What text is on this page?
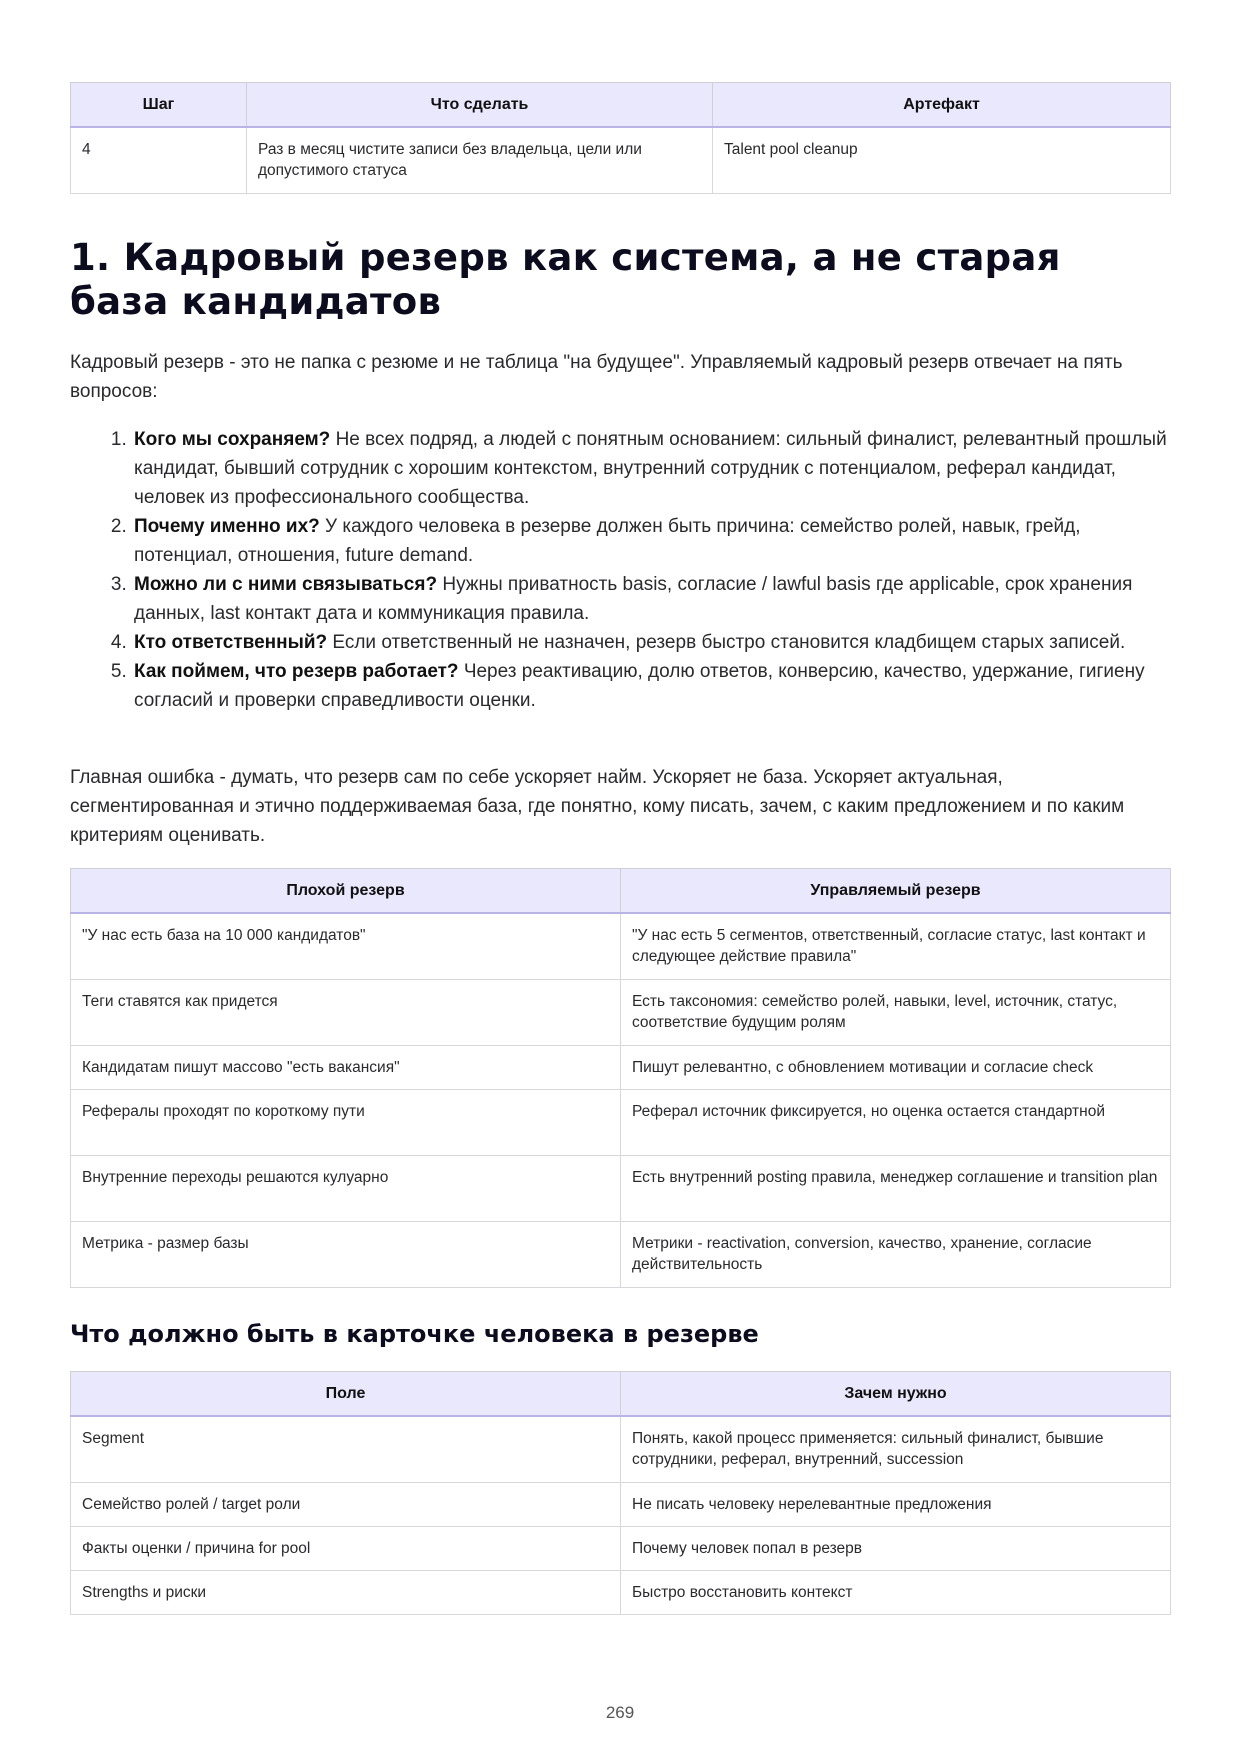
Шаг	Что сделать	Артефакт
4	Раз в месяц чистите записи без владельца, цели или допустимого статуса	Talent pool cleanup
1. Кадровый резерв как система, а не старая база кандидатов

Кадровый резерв - это не папка с резюме и не таблица "на будущее". Управляемый кадровый резерв отвечает на пять вопросов:

1. Кого мы сохраняем? Не всех подряд, а людей с понятным основанием: сильный финалист, релевантный прошлый кандидат, бывший сотрудник с хорошим контекстом, внутренний сотрудник с потенциалом, реферал кандидат, человек из профессионального сообщества.
2. Почему именно их? У каждого человека в резерве должен быть причина: семейство ролей, навык, грейд, потенциал, отношения, future demand.
3. Можно ли с ними связываться? Нужны приватность basis, согласие / lawful basis где applicable, срок хранения данных, last контакт дата и коммуникация правила.
4. Кто ответственный? Если ответственный не назначен, резерв быстро становится кладбищем старых записей.
5. Как поймем, что резерв работает? Через реактивацию, долю ответов, конверсию, качество, удержание, гигиену согласий и проверки справедливости оценки.

Главная ошибка - думать, что резерв сам по себе ускоряет найм. Ускоряет не база. Ускоряет актуальная, сегментированная и этично поддерживаемая база, где понятно, кому писать, зачем, с каким предложением и по каким критериям оценивать.

Плохой резерв	Управляемый резерв
"У нас есть база на 10 000 кандидатов"	"У нас есть 5 сегментов, ответственный, согласие статус, last контакт и следующее действие правила"
Теги ставятся как придется	Есть таксономия: семейство ролей, навыки, level, источник, статус, соответствие будущим ролям
Кандидатам пишут массово "есть вакансия"	Пишут релевантно, с обновлением мотивации и согласие check
Рефералы проходят по короткому пути	Реферал источник фиксируется, но оценка остается стандартной
Внутренние переходы решаются кулуарно	Есть внутренний posting правила, менеджер соглашение и transition plan
Метрика - размер базы	Метрики - reactivation, conversion, качество, хранение, согласие действительность
Что должно быть в карточке человека в резерве
Поле	Зачем нужно
Segment	Понять, какой процесс применяется: сильный финалист, бывшие сотрудники, реферал, внутренний, succession
Семейство ролей / target роли	Не писать человеку нерелевантные предложения
Факты оценки / причина for pool	Почему человек попал в резерв
Strengths и риски	Быстро восстановить контекст
269
